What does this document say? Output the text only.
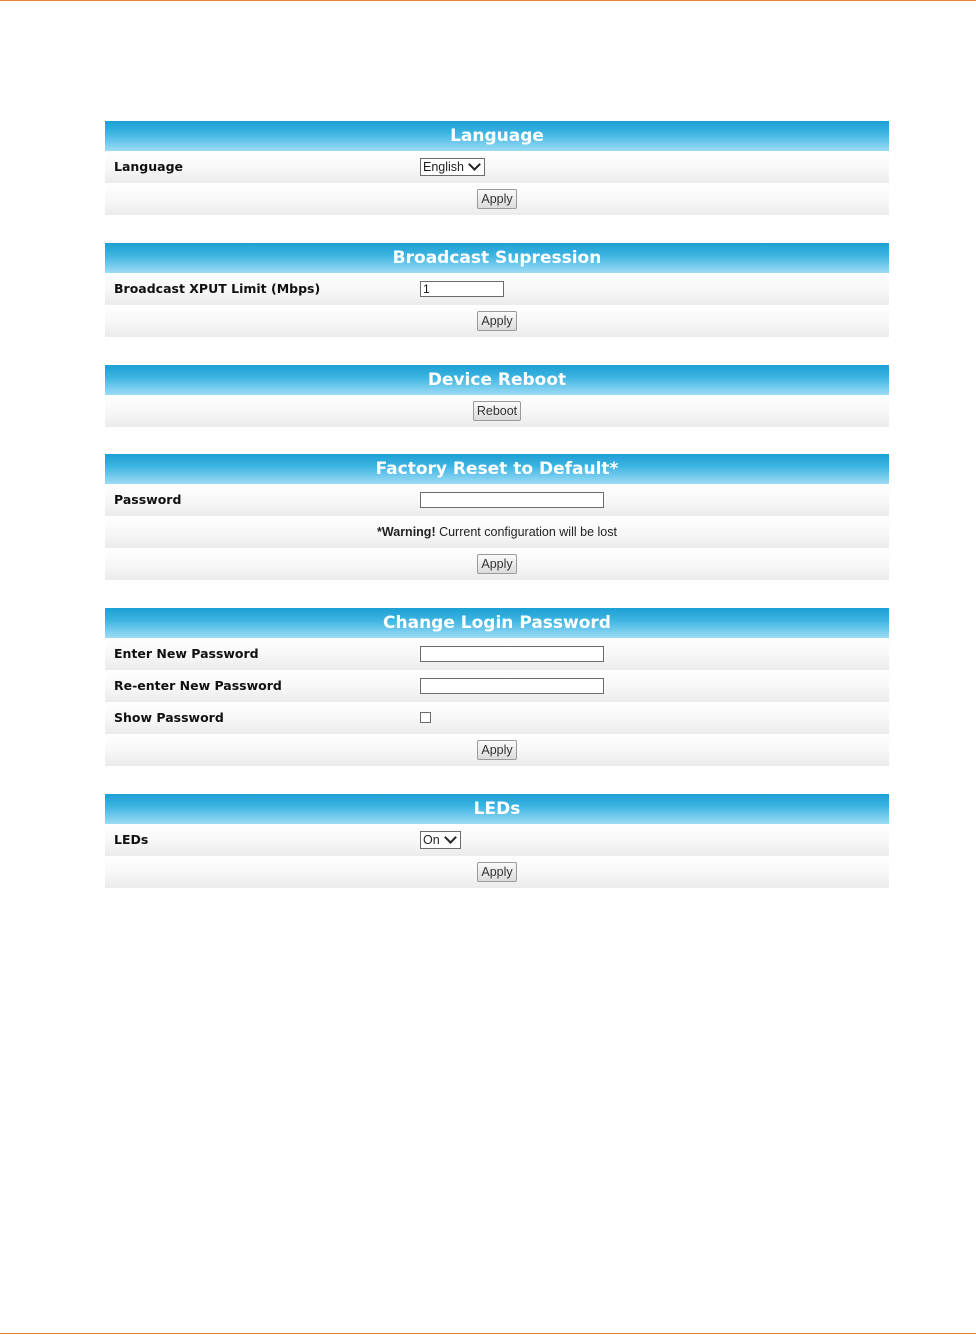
Language
Language	English
Apply
Broadcast Supression
Broadcast XPUT Limit (Mbps)
1
Apply
Device Reboot
Reboot
Factory Reset to Default*
Password
*Warning! Current configuration will be lost
Apply
Change Login Password
Enter New Password
Re-enter New Password
Show Password
Apply
LEDs
LEDs	On
Apply
